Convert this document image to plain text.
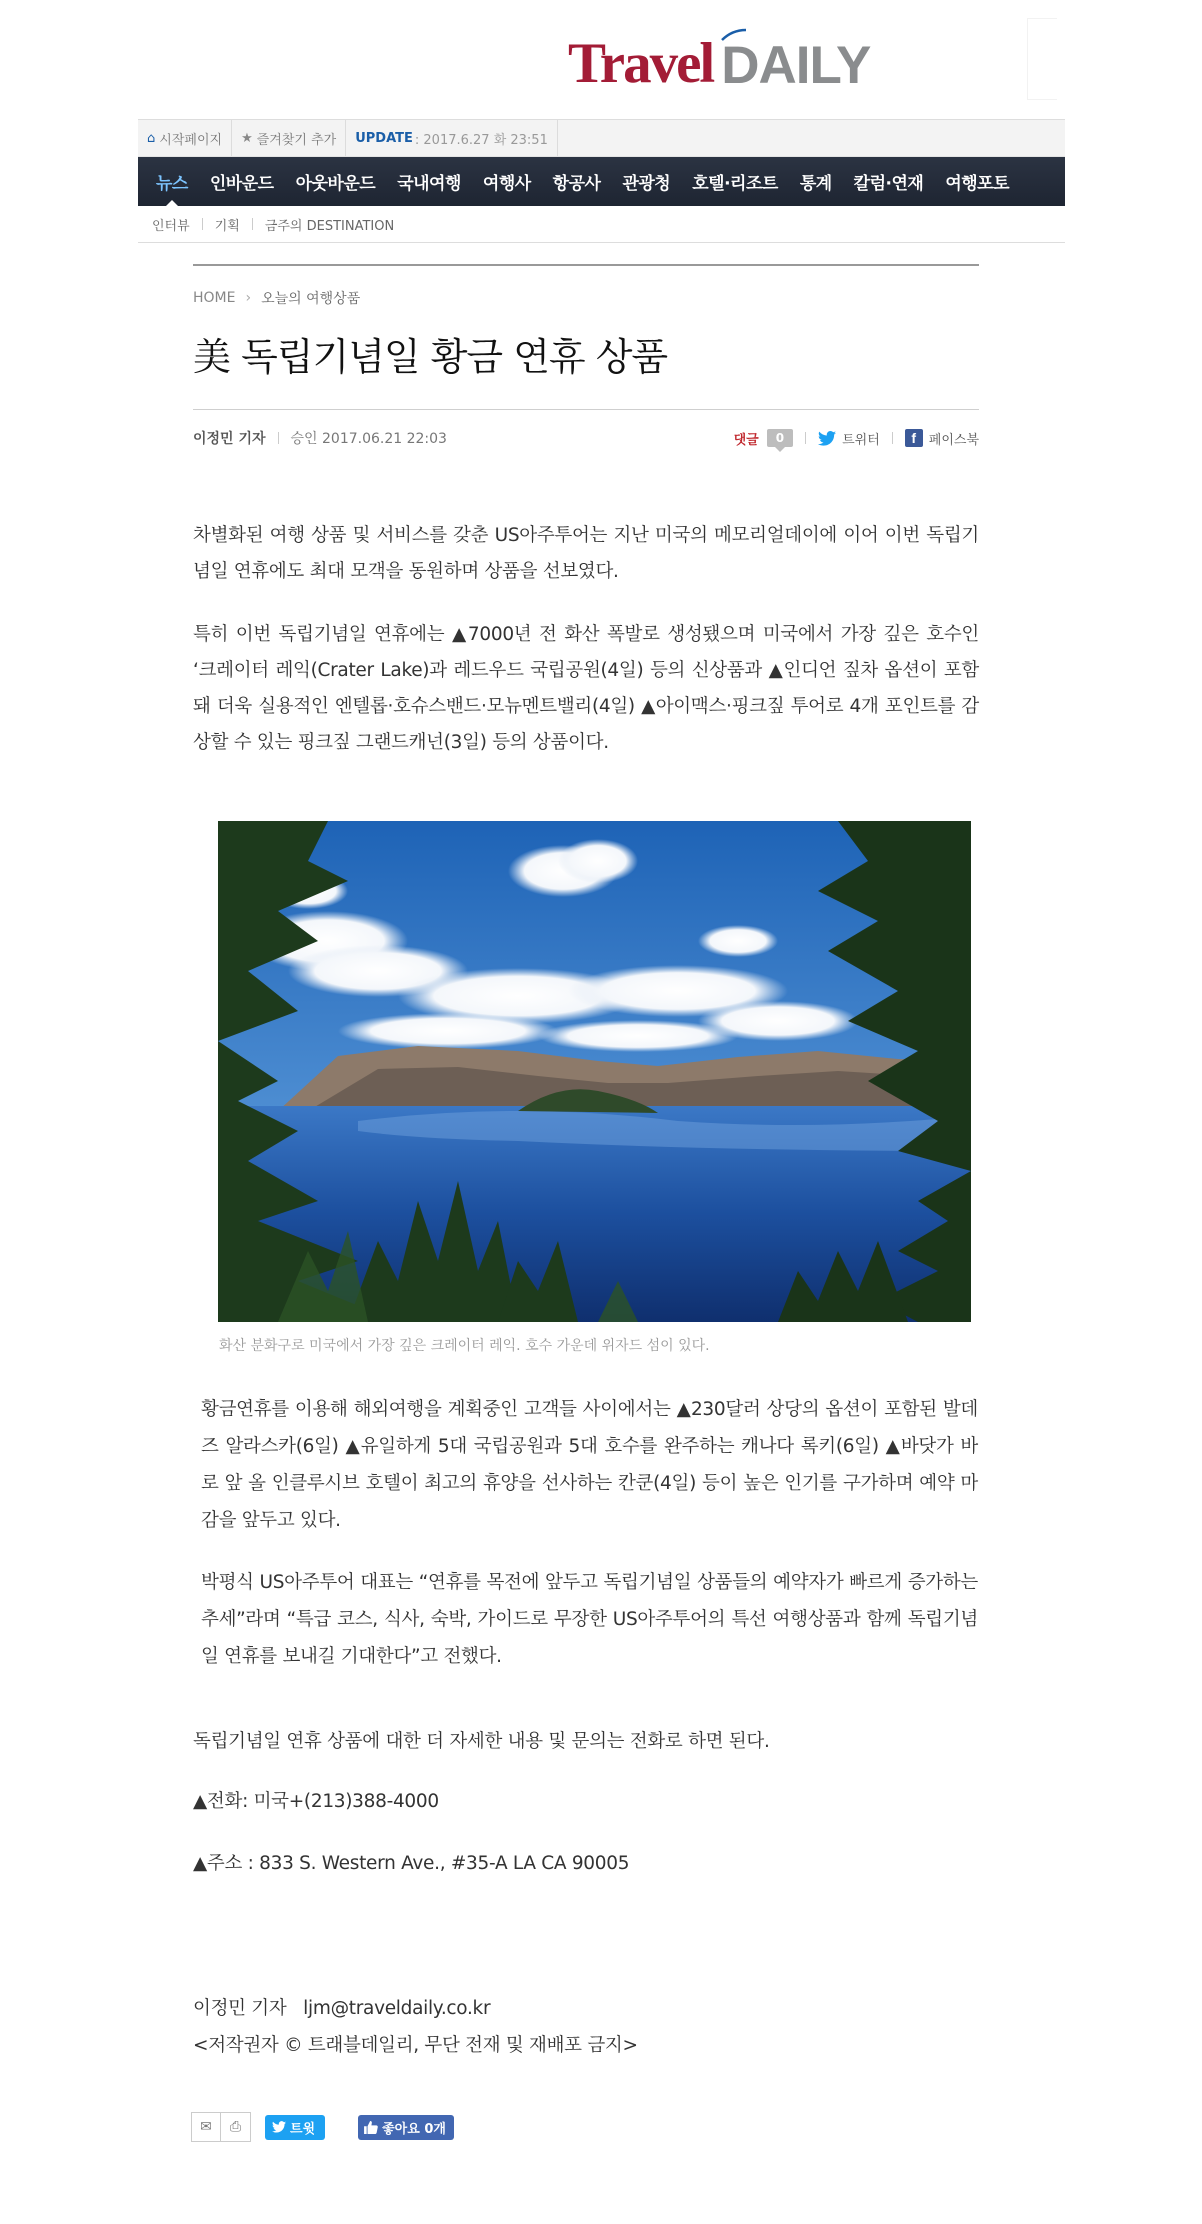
Travel DAILY
⌂ 시작페이지 ★ 즐겨찾기 추가 UPDATE : 2017.6.27 화 23:51
뉴스	인바운드	아웃바운드	국내여행	여행사	항공사	관광청	호텔·리조트	통계	칼럼·연재	여행포토
인터뷰 기획 금주의 DESTINATION
HOME › 오늘의 여행상품
美 독립기념일 황금 연휴 상품
이정민 기자 승인 2017.06.21 22:03	댓글	0	트위터	f 페이스북

차별화된 여행 상품 및 서비스를 갖춘 US아주투어는 지난 미국의 메모리얼데이에 이어 이번 독립기념일 연휴에도 최대 모객을 동원하며 상품을 선보였다.

특히 이번 독립기념일 연휴에는 ▲7000년 전 화산 폭발로 생성됐으며 미국에서 가장 깊은 호수인 ‘크레이터 레익(Crater Lake)과 레드우드 국립공원(4일) 등의 신상품과 ▲인디언 짚차 옵션이 포함돼 더욱 실용적인 엔텔롭·호슈스밴드·모뉴멘트밸리(4일) ▲아이맥스·핑크짚 투어로 4개 포인트를 감상할 수 있는 핑크짚 그랜드캐넌(3일) 등의 상품이다.

화산 분화구로 미국에서 가장 깊은 크레이터 레익. 호수 가운데 위자드 섬이 있다.

황금연휴를 이용해 해외여행을 계획중인 고객들 사이에서는 ▲230달러 상당의 옵션이 포함된 발데즈 알라스카(6일) ▲유일하게 5대 국립공원과 5대 호수를 완주하는 캐나다 록키(6일) ▲바닷가 바로 앞 올 인클루시브 호텔이 최고의 휴양을 선사하는 칸쿤(4일) 등이 높은 인기를 구가하며 예약 마감을 앞두고 있다.

박평식 US아주투어 대표는 “연휴를 목전에 앞두고 독립기념일 상품들의 예약자가 빠르게 증가하는 추세”라며 “특급 코스, 식사, 숙박, 가이드로 무장한 US아주투어의 특선 여행상품과 함께 독립기념일 연휴를 보내길 기대한다”고 전했다.

독립기념일 연휴 상품에 대한 더 자세한 내용 및 문의는 전화로 하면 된다.

▲전화: 미국+(213)388-4000

▲주소 : 833 S. Western Ave., #35-A LA CA 90005

이정민 기자   ljm@traveldaily.co.kr

<저작권자 © 트래블데일리, 무단 전재 및 재배포 금지>

✉ ⎙	트윗	좋아요 0개
